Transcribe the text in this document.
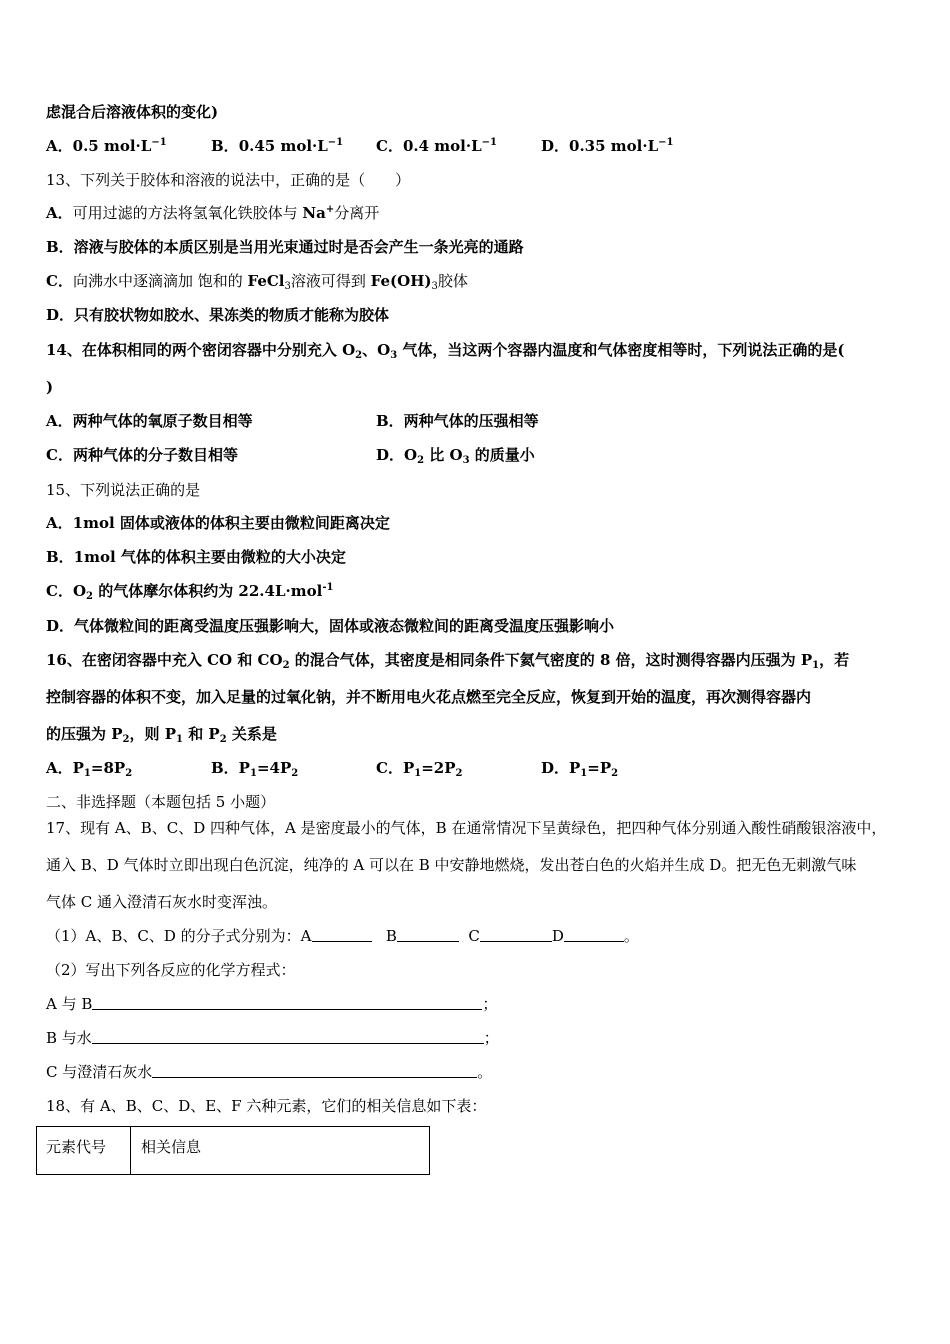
虑混合后溶液体积的变化)
A．0.5 $mol\cdot L^{-1}$	B．0.45 $mol\cdot L^{-1}$ C．0.4 $mol\cdot L^{-1}$	D．0.35 $mol\cdot L^{-1}$
13、下列关于胶体和溶液的说法中，正确的是（　　）
A．可用过滤的方法将氢氧化铁胶体与 Na+分离开
B．溶液与胶体的本质区别是当用光束通过时是否会产生一条光亮的通路
C．向沸水中逐滴滴加 饱和的 FeCl$_3$溶液可得到 $Fe(OH)_3$胶体
D．只有胶状物如胶水、果冻类的物质才能称为胶体
14、在体积相同的两个密闭容器中分别充入 $O_2$、$O_3$ 气体，当这两个容器内温度和气体密度相等时，下列说法正确的是(
)
A．两种气体的氧原子数目相等	B．两种气体的压强相等
C．两种气体的分子数目相等	D．$O_2$ 比 $O_3$ 的质量小
15、下列说法正确的是
A．1mol 固体或液体的体积主要由微粒间距离决定
B．1mol 气体的体积主要由微粒的大小决定
C．$O_2$ 的气体摩尔体积约为 22.4L·mol$^{-1}$
D．气体微粒间的距离受温度压强影响大，固体或液态微粒间的距离受温度压强影响小
16、在密闭容器中充入 CO 和 $CO_2$ 的混合气体，其密度是相同条件下氦气密度的 8 倍，这时测得容器内压强为 $P_1$，若
控制容器的体积不变，加入足量的过氧化钠，并不断用电火花点燃至完全反应，恢复到开始的温度，再次测得容器内
的压强为 $P_2$，则 $P_1$ 和 $P_2$ 关系是
A．$P_1=8P_2$	B．$P_1=4P_2$	C．$P_1=2P_2$	D．$P_1=P_2$
二、非选择题（本题包括 5 小题）
17、现有 A、B、C、D 四种气体，A 是密度最小的气体，B 在通常情况下呈黄绿色，把四种气体分别通入酸性硝酸银溶液中，
通入 B、D 气体时立即出现白色沉淀，纯净的 A 可以在 B 中安静地燃烧，发出苍白色的火焰并生成 D。把无色无刺激气味
气体 C 通入澄清石灰水时变浑浊。
（1）A、B、C、D 的分子式分别为：A	B	C	D	。
（2）写出下列各反应的化学方程式：
A 与 B	；
B 与水	；
C 与澄清石灰水	。
18、有 A、B、C、D、E、F 六种元素，它们的相关信息如下表：
元素代号 相关信息
